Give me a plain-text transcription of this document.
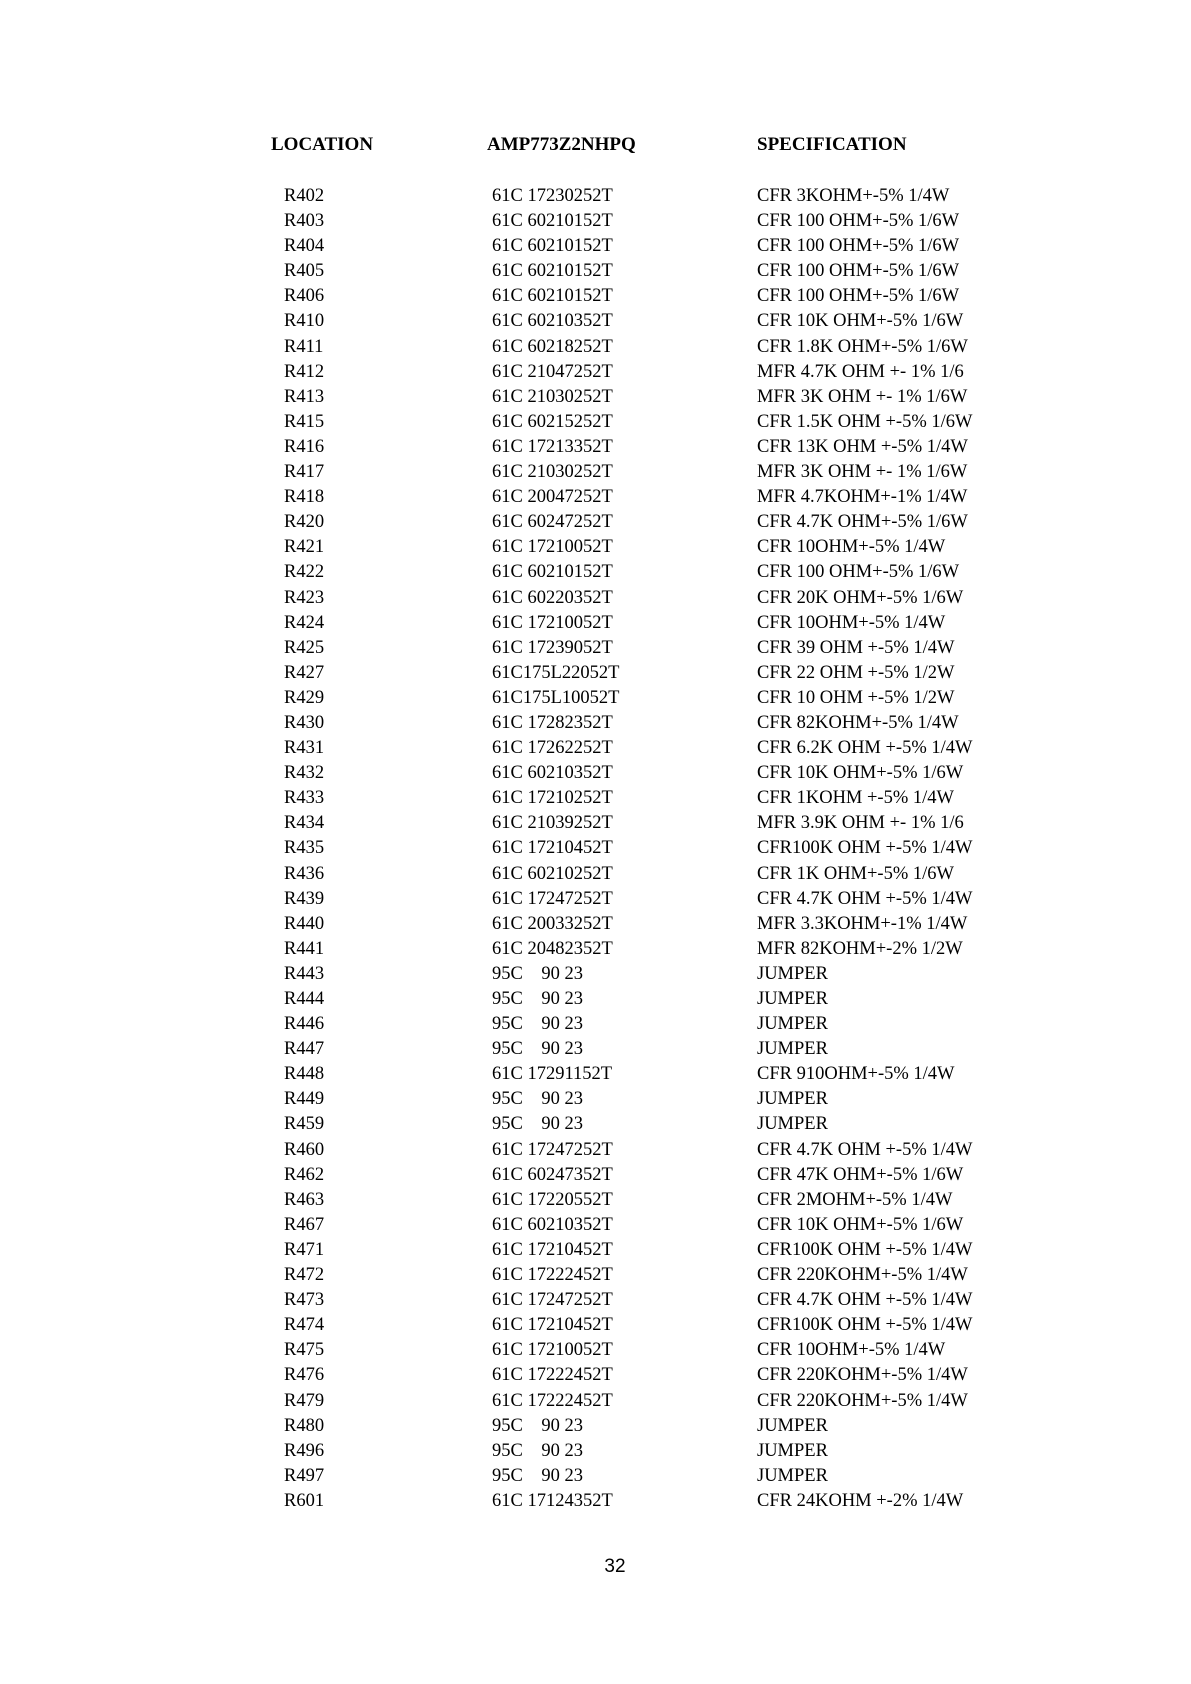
LOCATION	AMP773Z2NHPQ	SPECIFICATION
R402	61C 17230252T	CFR 3KOHM+-5% 1/4W
R403	61C 60210152T	CFR 100 OHM+-5% 1/6W
R404	61C 60210152T	CFR 100 OHM+-5% 1/6W
R405	61C 60210152T	CFR 100 OHM+-5% 1/6W
R406	61C 60210152T	CFR 100 OHM+-5% 1/6W
R410	61C 60210352T	CFR 10K OHM+-5% 1/6W
R411	61C 60218252T	CFR 1.8K OHM+-5% 1/6W
R412	61C 21047252T	MFR 4.7K OHM +- 1% 1/6
R413	61C 21030252T	MFR 3K OHM +- 1% 1/6W
R415	61C 60215252T	CFR 1.5K OHM +-5% 1/6W
R416	61C 17213352T	CFR 13K OHM +-5% 1/4W
R417	61C 21030252T	MFR 3K OHM +- 1% 1/6W
R418	61C 20047252T	MFR 4.7KOHM+-1% 1/4W
R420	61C 60247252T	CFR 4.7K OHM+-5% 1/6W
R421	61C 17210052T	CFR 10OHM+-5% 1/4W
R422	61C 60210152T	CFR 100 OHM+-5% 1/6W
R423	61C 60220352T	CFR 20K OHM+-5% 1/6W
R424	61C 17210052T	CFR 10OHM+-5% 1/4W
R425	61C 17239052T	CFR 39 OHM +-5% 1/4W
R427	61C175L22052T	CFR 22 OHM +-5% 1/2W
R429	61C175L10052T	CFR 10 OHM +-5% 1/2W
R430	61C 17282352T	CFR 82KOHM+-5% 1/4W
R431	61C 17262252T	CFR 6.2K OHM +-5% 1/4W
R432	61C 60210352T	CFR 10K OHM+-5% 1/6W
R433	61C 17210252T	CFR 1KOHM +-5% 1/4W
R434	61C 21039252T	MFR 3.9K OHM +- 1% 1/6
R435	61C 17210452T	CFR100K OHM +-5% 1/4W
R436	61C 60210252T	CFR 1K OHM+-5% 1/6W
R439	61C 17247252T	CFR 4.7K OHM +-5% 1/4W
R440	61C 20033252T	MFR 3.3KOHM+-1% 1/4W
R441	61C 20482352T	MFR 82KOHM+-2% 1/2W
R443	95C    90 23	JUMPER
R444	95C    90 23	JUMPER
R446	95C    90 23	JUMPER
R447	95C    90 23	JUMPER
R448	61C 17291152T	CFR 910OHM+-5% 1/4W
R449	95C    90 23	JUMPER
R459	95C    90 23	JUMPER
R460	61C 17247252T	CFR 4.7K OHM +-5% 1/4W
R462	61C 60247352T	CFR 47K OHM+-5% 1/6W
R463	61C 17220552T	CFR 2MOHM+-5% 1/4W
R467	61C 60210352T	CFR 10K OHM+-5% 1/6W
R471	61C 17210452T	CFR100K OHM +-5% 1/4W
R472	61C 17222452T	CFR 220KOHM+-5% 1/4W
R473	61C 17247252T	CFR 4.7K OHM +-5% 1/4W
R474	61C 17210452T	CFR100K OHM +-5% 1/4W
R475	61C 17210052T	CFR 10OHM+-5% 1/4W
R476	61C 17222452T	CFR 220KOHM+-5% 1/4W
R479	61C 17222452T	CFR 220KOHM+-5% 1/4W
R480	95C    90 23	JUMPER
R496	95C    90 23	JUMPER
R497	95C    90 23	JUMPER
R601	61C 17124352T	CFR 24KOHM +-2% 1/4W
32
